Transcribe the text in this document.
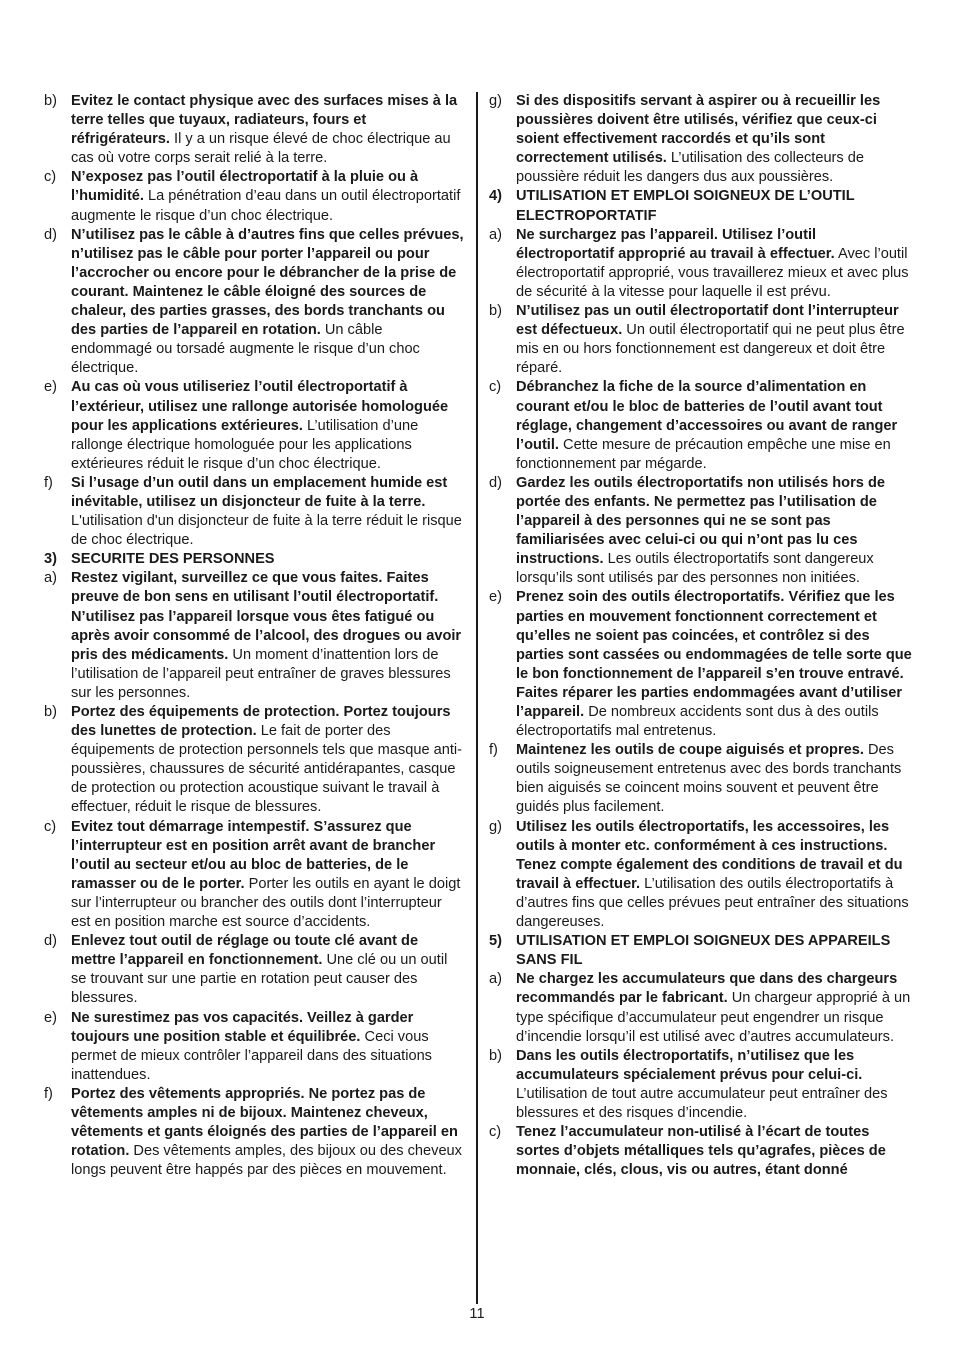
b) Evitez le contact physique avec des surfaces mises à la terre telles que tuyaux, radiateurs, fours et réfrigérateurs. Il y a un risque élevé de choc électrique au cas où votre corps serait relié à la terre.
c)	N’exposez pas l’outil électroportatif à la pluie ou à l’humidité. La pénétration d’eau dans un outil électroportatif augmente le risque d’un choc électrique.
d) N’utilisez pas le câble à d’autres fins que celles prévues, n’utilisez pas le câble pour porter l’appareil ou pour l’accrocher ou encore pour le débrancher de la prise de courant. Maintenez le câble éloigné des sources de chaleur, des parties grasses, des bords tranchants ou des parties de l’appareil en rotation. Un câble endommagé ou torsadé augmente le risque d’un choc électrique.
e) Au cas où vous utiliseriez l’outil électroportatif à l’extérieur, utilisez une rallonge autorisée homologuée pour les applications extérieures. L’utilisation d’une rallonge électrique homologuée pour les applications extérieures réduit le risque d’un choc électrique.
f)	Si l’usage d’un outil dans un emplacement humide est inévitable, utilisez un disjoncteur de fuite à la terre. L'utilisation d'un disjoncteur de fuite à la terre réduit le risque de choc électrique.
3) SECURITE DES PERSONNES
a) Restez vigilant, surveillez ce que vous faites. Faites preuve de bon sens en utilisant l’outil électroportatif. N’utilisez pas l’appareil lorsque vous êtes fatigué ou après avoir consommé de l’alcool, des drogues ou avoir pris des médicaments. Un moment d’inattention lors de l’utilisation de l’appareil peut entraîner de graves blessures sur les personnes.
b) Portez des équipements de protection. Portez toujours des lunettes de protection. Le fait de porter des équipements de protection personnels tels que masque anti-poussières, chaussures de sécurité antidérapantes, casque de protection ou protection acoustique suivant le travail à effectuer, réduit le risque de blessures.
c)	Evitez tout démarrage intempestif. S’assurez que l’interrupteur est en position arrêt avant de brancher l’outil au secteur et/ou au bloc de batteries, de le ramasser ou de le porter. Porter les outils en ayant le doigt sur l’interrupteur ou brancher des outils dont l’interrupteur est en position marche est source d’accidents.
d) Enlevez tout outil de réglage ou toute clé avant de mettre l’appareil en fonctionnement. Une clé ou un outil se trouvant sur une partie en rotation peut causer des blessures.
e) Ne surestimez pas vos capacités. Veillez à garder toujours une position stable et équilibrée. Ceci vous permet de mieux contrôler l’appareil dans des situations inattendues.
f)	Portez des vêtements appropriés. Ne portez pas de vêtements amples ni de bijoux. Maintenez cheveux, vêtements et gants éloignés des parties de l’appareil en rotation. Des vêtements amples, des bijoux ou des cheveux longs peuvent être happés par des pièces en mouvement.
g) Si des dispositifs servant à aspirer ou à recueillir les poussières doivent être utilisés, vérifiez que ceux-ci soient effectivement raccordés et qu’ils sont correctement utilisés. L’utilisation des collecteurs de poussière réduit les dangers dus aux poussières.
4) UTILISATION ET EMPLOI SOIGNEUX DE L’OUTIL ELECTROPORTATIF
a) Ne surchargez pas l’appareil. Utilisez l’outil électroportatif approprié au travail à effectuer. Avec l’outil électroportatif approprié, vous travaillerez mieux et avec plus de sécurité à la vitesse pour laquelle il est prévu.
b) N’utilisez pas un outil électroportatif dont l’interrupteur est défectueux. Un outil électroportatif qui ne peut plus être mis en ou hors fonctionnement est dangereux et doit être réparé.
c)	Débranchez la fiche de la source d’alimentation en courant et/ou le bloc de batteries de l’outil avant tout réglage, changement d’accessoires ou avant de ranger l’outil. Cette mesure de précaution empêche une mise en fonctionnement par mégarde.
d) Gardez les outils électroportatifs non utilisés hors de portée des enfants. Ne permettez pas l’utilisation de l’appareil à des personnes qui ne se sont pas familiarisées avec celui-ci ou qui n’ont pas lu ces instructions. Les outils électroportatifs sont dangereux lorsqu’ils sont utilisés par des personnes non initiées.
e) Prenez soin des outils électroportatifs. Vérifiez que les parties en mouvement fonctionnent correctement et qu’elles ne soient pas coincées, et contrôlez si des parties sont cassées ou endommagées de telle sorte que le bon fonctionnement de l’appareil s’en trouve entravé. Faites réparer les parties endommagées avant d’utiliser l’appareil. De nombreux accidents sont dus à des outils électroportatifs mal entretenus.
f)	Maintenez les outils de coupe aiguisés et propres. Des outils soigneusement entretenus avec des bords tranchants bien aiguisés se coincent moins souvent et peuvent être guidés plus facilement.
g) Utilisez les outils électroportatifs, les accessoires, les outils à monter etc. conformément à ces instructions. Tenez compte également des conditions de travail et du travail à effectuer. L’utilisation des outils électroportatifs à d’autres fins que celles prévues peut entraîner des situations dangereuses.
5) UTILISATION ET EMPLOI SOIGNEUX DES APPAREILS SANS FIL
a) Ne chargez les accumulateurs que dans des chargeurs recommandés par le fabricant. Un chargeur approprié à un type spécifique d’accumulateur peut engendrer un risque d’incendie lorsqu’il est utilisé avec d’autres accumulateurs.
b) Dans les outils électroportatifs, n’utilisez que les accumulateurs spécialement prévus pour celui-ci. L’utilisation de tout autre accumulateur peut entraîner des blessures et des risques d’incendie.
c)	Tenez l’accumulateur non-utilisé à l’écart de toutes sortes d’objets métalliques tels qu’agrafes, pièces de monnaie, clés, clous, vis ou autres, étant donné
11
